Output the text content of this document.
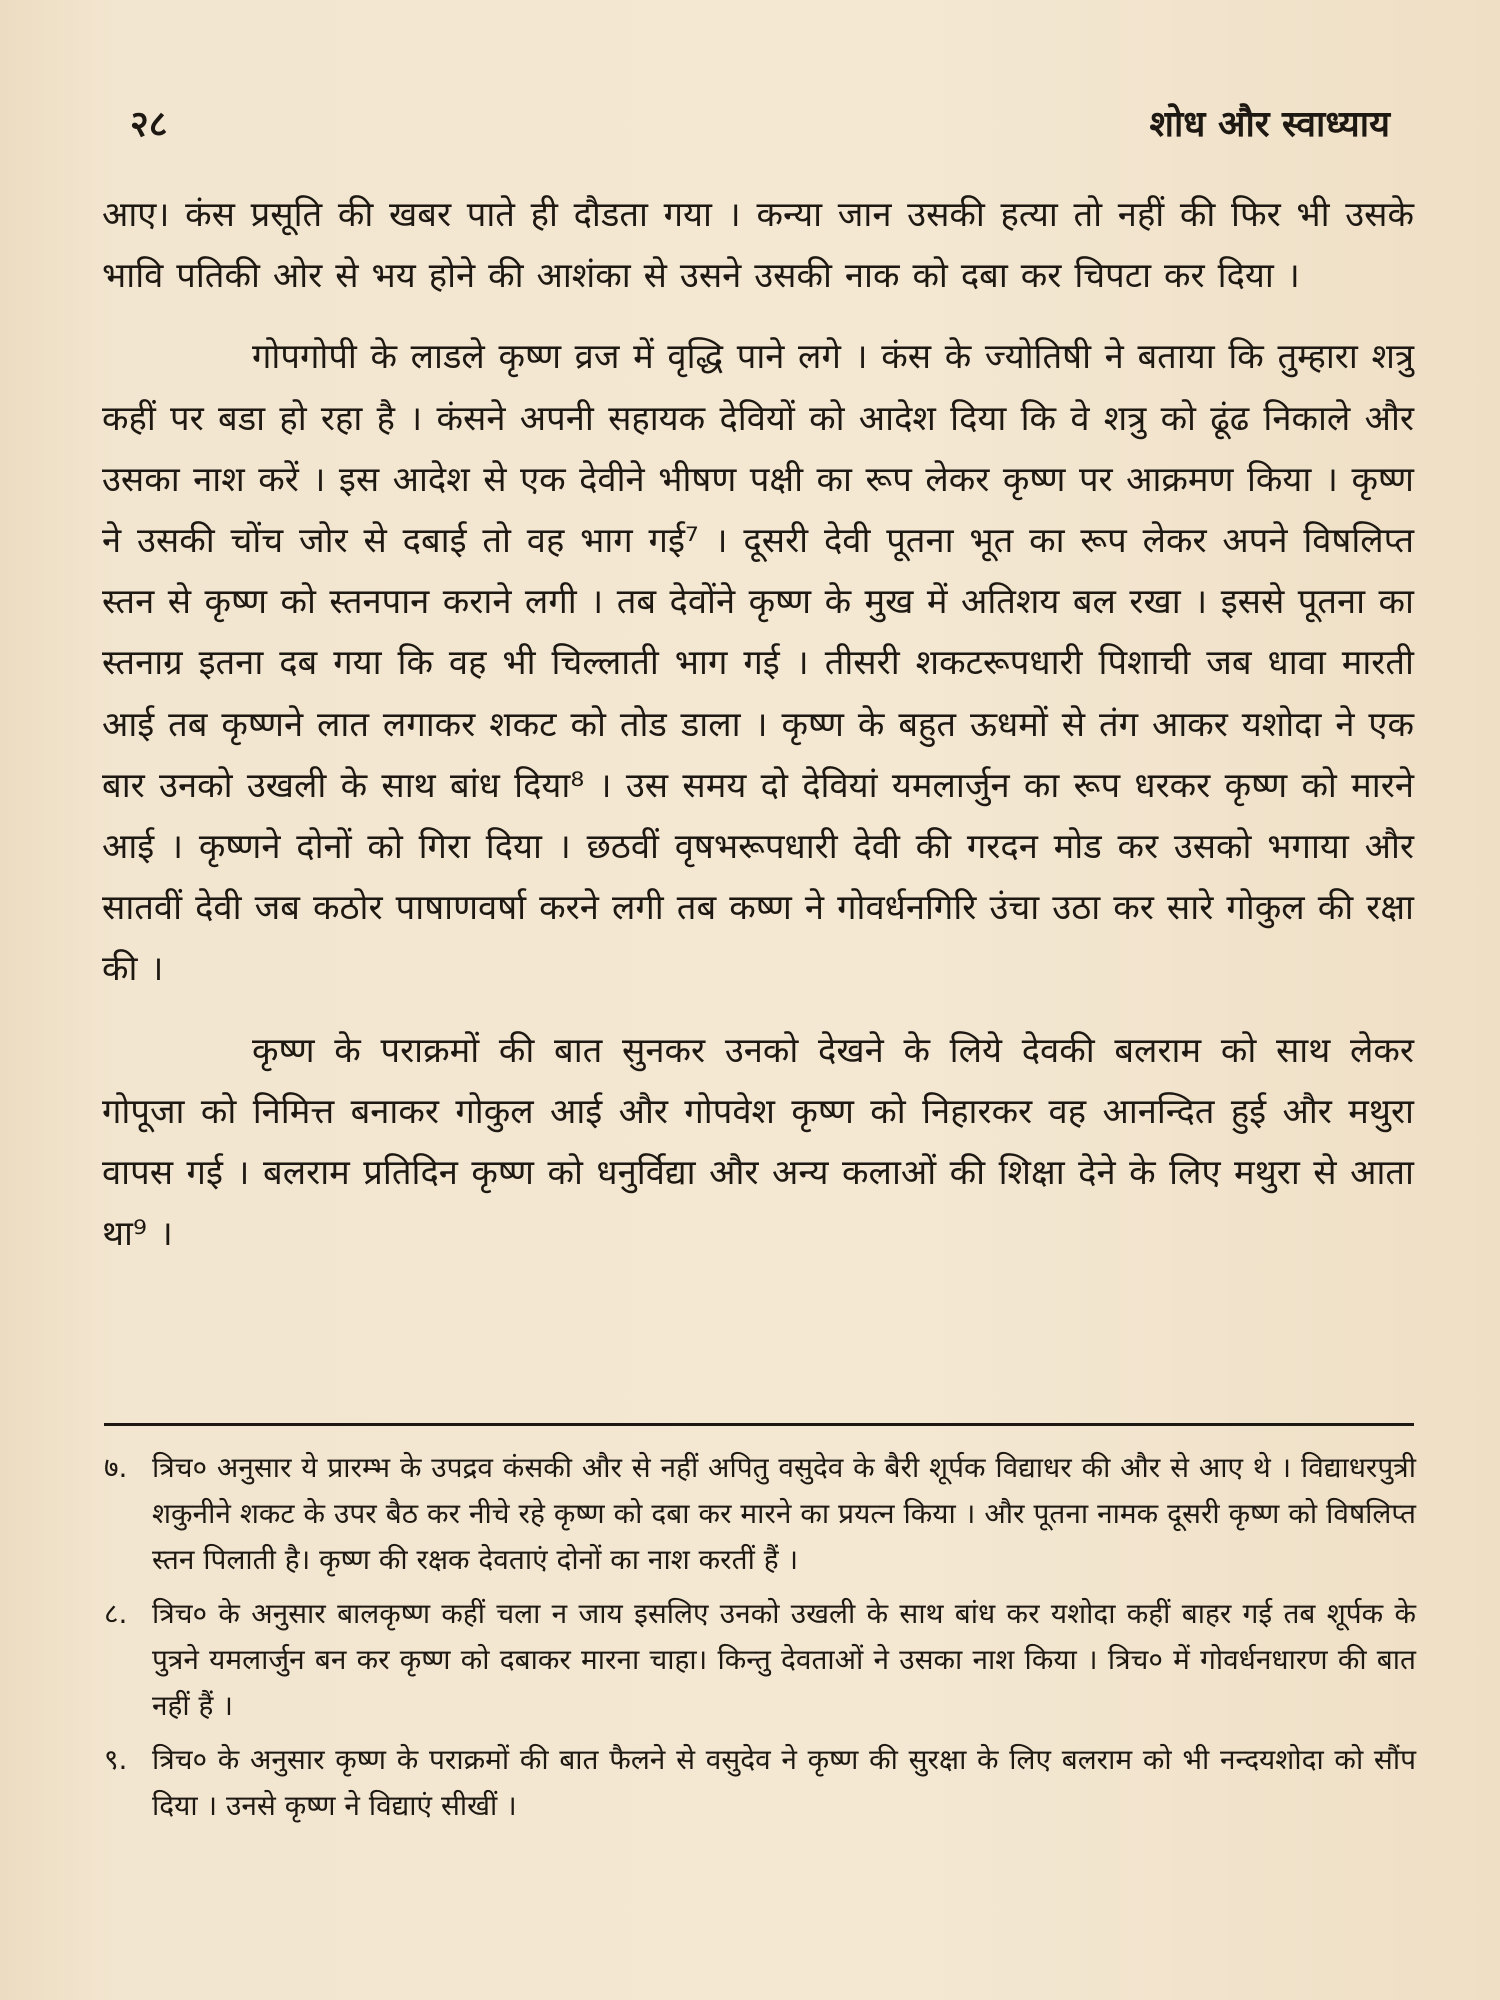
२८	शोध और स्वाध्याय

आए। कंस प्रसूति की खबर पाते ही दौडता गया । कन्या जान उसकी हत्या तो नहीं की फिर भी उसके भावि पतिकी ओर से भय होने की आशंका से उसने उसकी नाक को दबा कर चिपटा कर दिया ।

गोपगोपी के लाडले कृष्ण व्रज में वृद्धि पाने लगे । कंस के ज्योतिषी ने बताया कि तुम्हारा शत्रु कहीं पर बडा हो रहा है । कंसने अपनी सहायक देवियों को आदेश दिया कि वे शत्रु को ढूंढ निकाले और उसका नाश करें । इस आदेश से एक देवीने भीषण पक्षी का रूप लेकर कृष्ण पर आक्रमण किया । कृष्ण ने उसकी चोंच जोर से दबाई तो वह भाग गई⁷ । दूसरी देवी पूतना भूत का रूप लेकर अपने विषलिप्त स्तन से कृष्ण को स्तनपान कराने लगी । तब देवोंने कृष्ण के मुख में अतिशय बल रखा । इससे पूतना का स्तनाग्र इतना दब गया कि वह भी चिल्लाती भाग गई । तीसरी शकटरूपधारी पिशाची जब धावा मारती आई तब कृष्णने लात लगाकर शकट को तोड डाला । कृष्ण के बहुत ऊधमों से तंग आकर यशोदा ने एक बार उनको उखली के साथ बांध दिया⁸ । उस समय दो देवियां यमलार्जुन का रूप धरकर कृष्ण को मारने आई । कृष्णने दोनों को गिरा दिया । छठवीं वृषभरूपधारी देवी की गरदन मोड कर उसको भगाया और सातवीं देवी जब कठोर पाषाणवर्षा करने लगी तब कष्ण ने गोवर्धनगिरि उंचा उठा कर सारे गोकुल की रक्षा की ।

कृष्ण के पराक्रमों की बात सुनकर उनको देखने के लिये देवकी बलराम को साथ लेकर गोपूजा को निमित्त बनाकर गोकुल आई और गोपवेश कृष्ण को निहारकर वह आनन्दित हुई और मथुरा वापस गई । बलराम प्रतिदिन कृष्ण को धनुर्विद्या और अन्य कलाओं की शिक्षा देने के लिए मथुरा से आता था⁹ ।

७. त्रिच० अनुसार ये प्रारम्भ के उपद्रव कंसकी और से नहीं अपितु वसुदेव के बैरी शूर्पक विद्याधर की और से आए थे । विद्याधरपुत्री शकुनीने शकट के उपर बैठ कर नीचे रहे कृष्ण को दबा कर मारने का प्रयत्न किया । और पूतना नामक दूसरी कृष्ण को विषलिप्त स्तन पिलाती है। कृष्ण की रक्षक देवताएं दोनों का नाश करतीं हैं ।
८. त्रिच० के अनुसार बालकृष्ण कहीं चला न जाय इसलिए उनको उखली के साथ बांध कर यशोदा कहीं बाहर गई तब शूर्पक के पुत्रने यमलार्जुन बन कर कृष्ण को दबाकर मारना चाहा। किन्तु देवताओं ने उसका नाश किया । त्रिच० में गोवर्धनधारण की बात नहीं हैं ।
९. त्रिच० के अनुसार कृष्ण के पराक्रमों की बात फैलने से वसुदेव ने कृष्ण की सुरक्षा के लिए बलराम को भी नन्दयशोदा को सौंप दिया । उनसे कृष्ण ने विद्याएं सीखीं ।
